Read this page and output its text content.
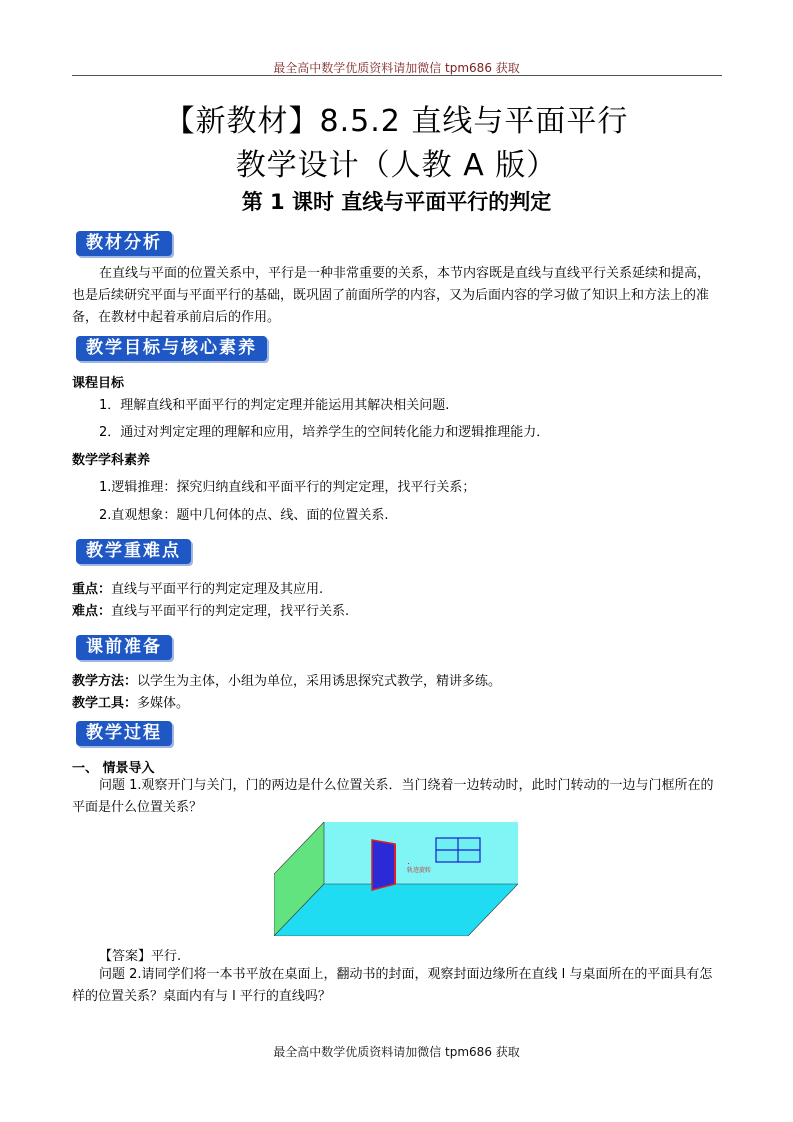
最全高中数学优质资料请加微信 tpm686 获取
【新教材】8.5.2 直线与平面平行
教学设计（人教 A 版）
第 1 课时 直线与平面平行的判定
教材分析
在直线与平面的位置关系中，平行是一种非常重要的关系，本节内容既是直线与直线平行关系延续和提高，也是后续研究平面与平面平行的基础，既巩固了前面所学的内容，又为后面内容的学习做了知识上和方法上的准备，在教材中起着承前启后的作用。
教学目标与核心素养
课程目标
1．理解直线和平面平行的判定定理并能运用其解决相关问题.
2．通过对判定定理的理解和应用，培养学生的空间转化能力和逻辑推理能力．
数学学科素养
1.逻辑推理：探究归纳直线和平面平行的判定定理，找平行关系；
2.直观想象：题中几何体的点、线、面的位置关系.
教学重难点
重点：直线与平面平行的判定定理及其应用.
难点：直线与平面平行的判定定理，找平行关系.
课前准备
教学方法：以学生为主体，小组为单位，采用诱思探究式教学，精讲多练。
教学工具：多媒体。
教学过程
一、 情景导入
问题 1.观察开门与关门，门的两边是什么位置关系．当门绕着一边转动时，此时门转动的一边与门框所在的平面是什么位置关系？
轨迹旋转
【答案】平行.
问题 2.请同学们将一本书平放在桌面上，翻动书的封面，观察封面边缘所在直线 l 与桌面所在的平面具有怎样的位置关系？桌面内有与 l 平行的直线吗？
最全高中数学优质资料请加微信 tpm686 获取
